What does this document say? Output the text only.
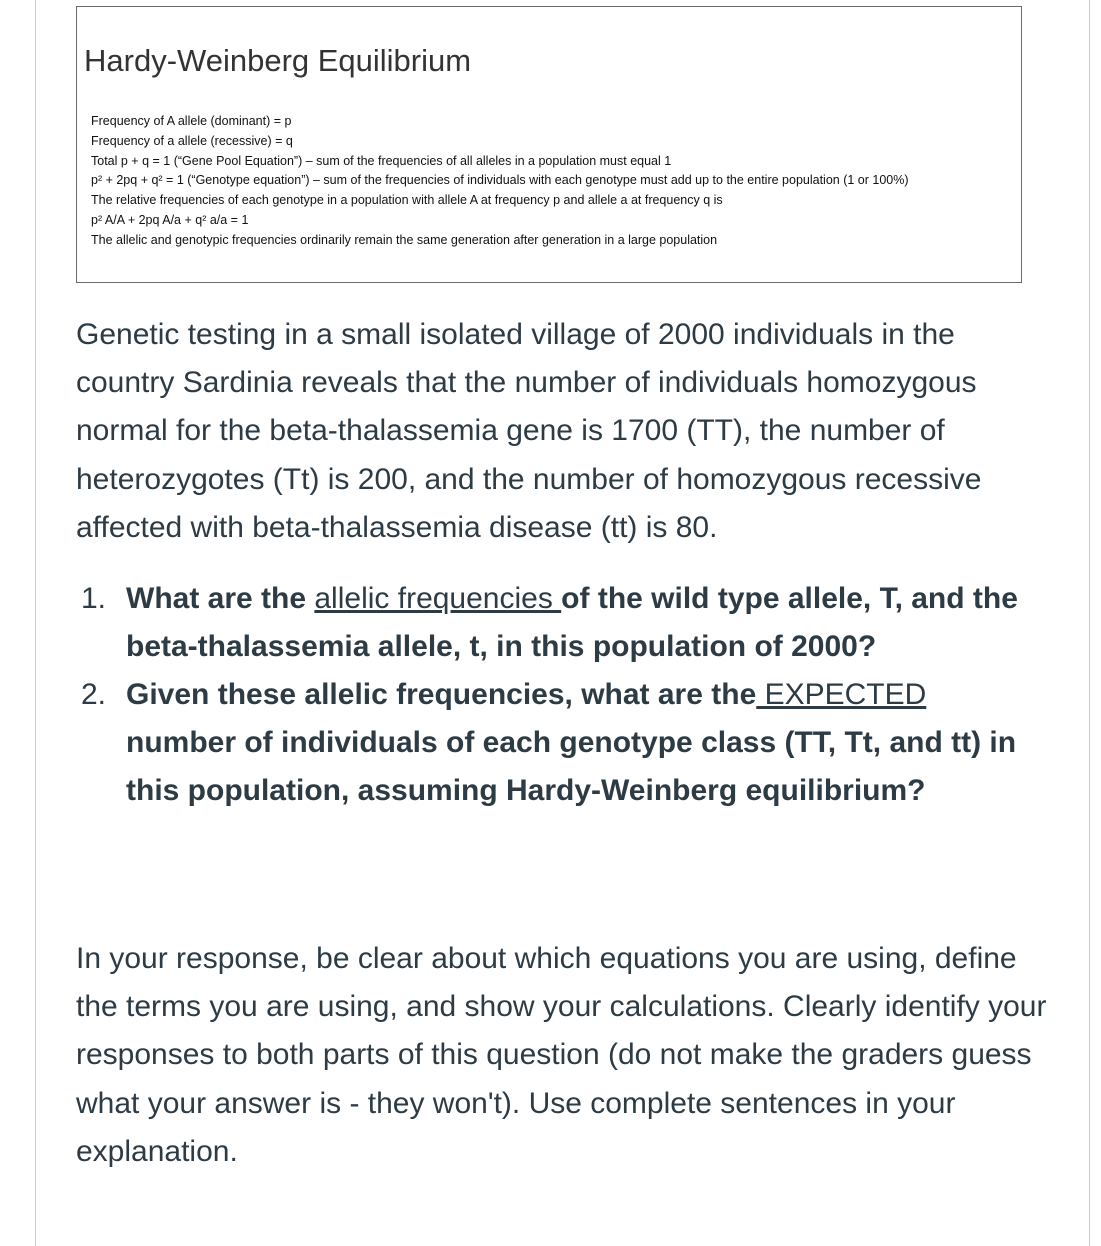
Hardy-Weinberg Equilibrium
Frequency of A allele (dominant) = p
Frequency of a allele (recessive) = q
Total p + q = 1 (“Gene Pool Equation”) – sum of the frequencies of all alleles in a population must equal 1
p² + 2pq + q² = 1 (“Genotype equation”) – sum of the frequencies of individuals with each genotype must add up to the entire population (1 or 100%)
The relative frequencies of each genotype in a population with allele A at frequency p and allele a at frequency q is
p² A/A + 2pq A/a + q² a/a = 1
The allelic and genotypic frequencies ordinarily remain the same generation after generation in a large population

Genetic testing in a small isolated village of 2000 individuals in the country Sardinia reveals that the number of individuals homozygous normal for the beta-thalassemia gene is 1700 (TT), the number of heterozygotes (Tt) is 200, and the number of homozygous recessive affected with beta-thalassemia disease (tt) is 80.

1. What are the allelic frequencies of the wild type allele, T, and the beta-thalassemia allele, t, in this population of 2000?
2. Given these allelic frequencies, what are the EXPECTED number of individuals of each genotype class (TT, Tt, and tt) in this population, assuming Hardy-Weinberg equilibrium?

In your response, be clear about which equations you are using, define the terms you are using, and show your calculations. Clearly identify your responses to both parts of this question (do not make the graders guess what your answer is - they won't). Use complete sentences in your explanation.
